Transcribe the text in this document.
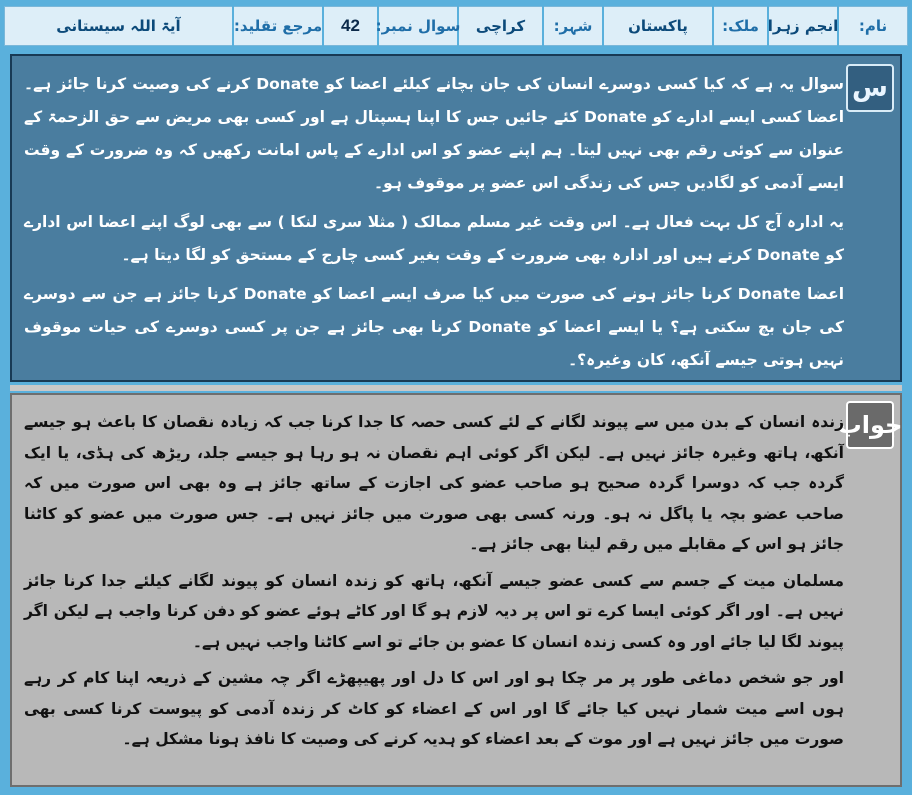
نام:
انجم زہرا
ملک:
پاکستان
شہر:
کراچی
سوال نمبر:
42
مرجع تقلید:
آیۃ اللہ سیستانی
س

سوال یہ ہے کہ کیا کسی دوسرے انسان کی جان بچانے کیلئے اعضا کو Donate کرنے کی وصیت کرنا جائز ہے۔ اعضا کسی ایسے ادارے کو Donate کئے جائیں جس کا اپنا ہسپتال ہے اور کسی بھی مریض سے حق الزحمۃ کے عنوان سے کوئی رقم بھی نہیں لیتا۔ ہم اپنے عضو کو اس ادارے کے پاس امانت رکھیں کہ وہ ضرورت کے وقت ایسے آدمی کو لگادیں جس کی زندگی اس عضو پر موقوف ہو۔

یہ ادارہ آج کل بہت فعال ہے۔ اس وقت غیر مسلم ممالک ( مثلا سری لنکا ) سے بھی لوگ اپنے اعضا اس ادارے کو Donate کرتے ہیں اور ادارہ بھی ضرورت کے وقت بغیر کسی چارج کے مستحق کو لگا دیتا ہے۔

اعضا Donate کرنا جائز ہونے کی صورت میں کیا صرف ایسے اعضا کو Donate کرنا جائز ہے جن سے دوسرے کی جان بچ سکتی ہے؟ یا ایسے اعضا کو Donate کرنا بھی جائز ہے جن پر کسی دوسرے کی حیات موقوف نہیں ہوتی جیسے آنکھ، کان وغیرہ؟۔

جواب

زندہ انسان کے بدن میں سے پیوند لگانے کے لئے کسی حصہ کا جدا کرنا جب کہ زیادہ نقصان کا باعث ہو جیسے آنکھ، ہاتھ وغیرہ جائز نہیں ہے۔ لیکن اگر کوئی اہم نقصان نہ ہو رہا ہو جیسے جلد، ریڑھ کی ہڈی، یا ایک گردہ جب کہ دوسرا گردہ صحیح ہو صاحب عضو کی اجازت کے ساتھ جائز ہے وہ بھی اس صورت میں کہ صاحب عضو بچہ یا پاگل نہ ہو۔ ورنہ کسی بھی صورت میں جائز نہیں ہے۔ جس صورت میں عضو کو کاٹنا جائز ہو اس کے مقابلے میں رقم لینا بھی جائز ہے۔

مسلمان میت کے جسم سے کسی عضو جیسے آنکھ، ہاتھ کو زندہ انسان کو پیوند لگانے کیلئے جدا کرنا جائز نہیں ہے۔ اور اگر کوئی ایسا کرے تو اس پر دیہ لازم ہو گا اور کاٹے ہوئے عضو کو دفن کرنا واجب ہے لیکن اگر پیوند لگا لیا جائے اور وہ کسی زندہ انسان کا عضو بن جائے تو اسے کاٹنا واجب نہیں ہے۔

اور جو شخص دماغی طور پر مر چکا ہو اور اس کا دل اور پھیپھڑے اگر چہ مشین کے ذریعہ اپنا کام کر رہے ہوں اسے میت شمار نہیں کیا جائے گا اور اس کے اعضاء کو کاٹ کر زندہ آدمی کو پیوست کرنا کسی بھی صورت میں جائز نہیں ہے اور موت کے بعد اعضاء کو ہدیہ کرنے کی وصیت کا نافذ ہونا مشکل ہے۔
